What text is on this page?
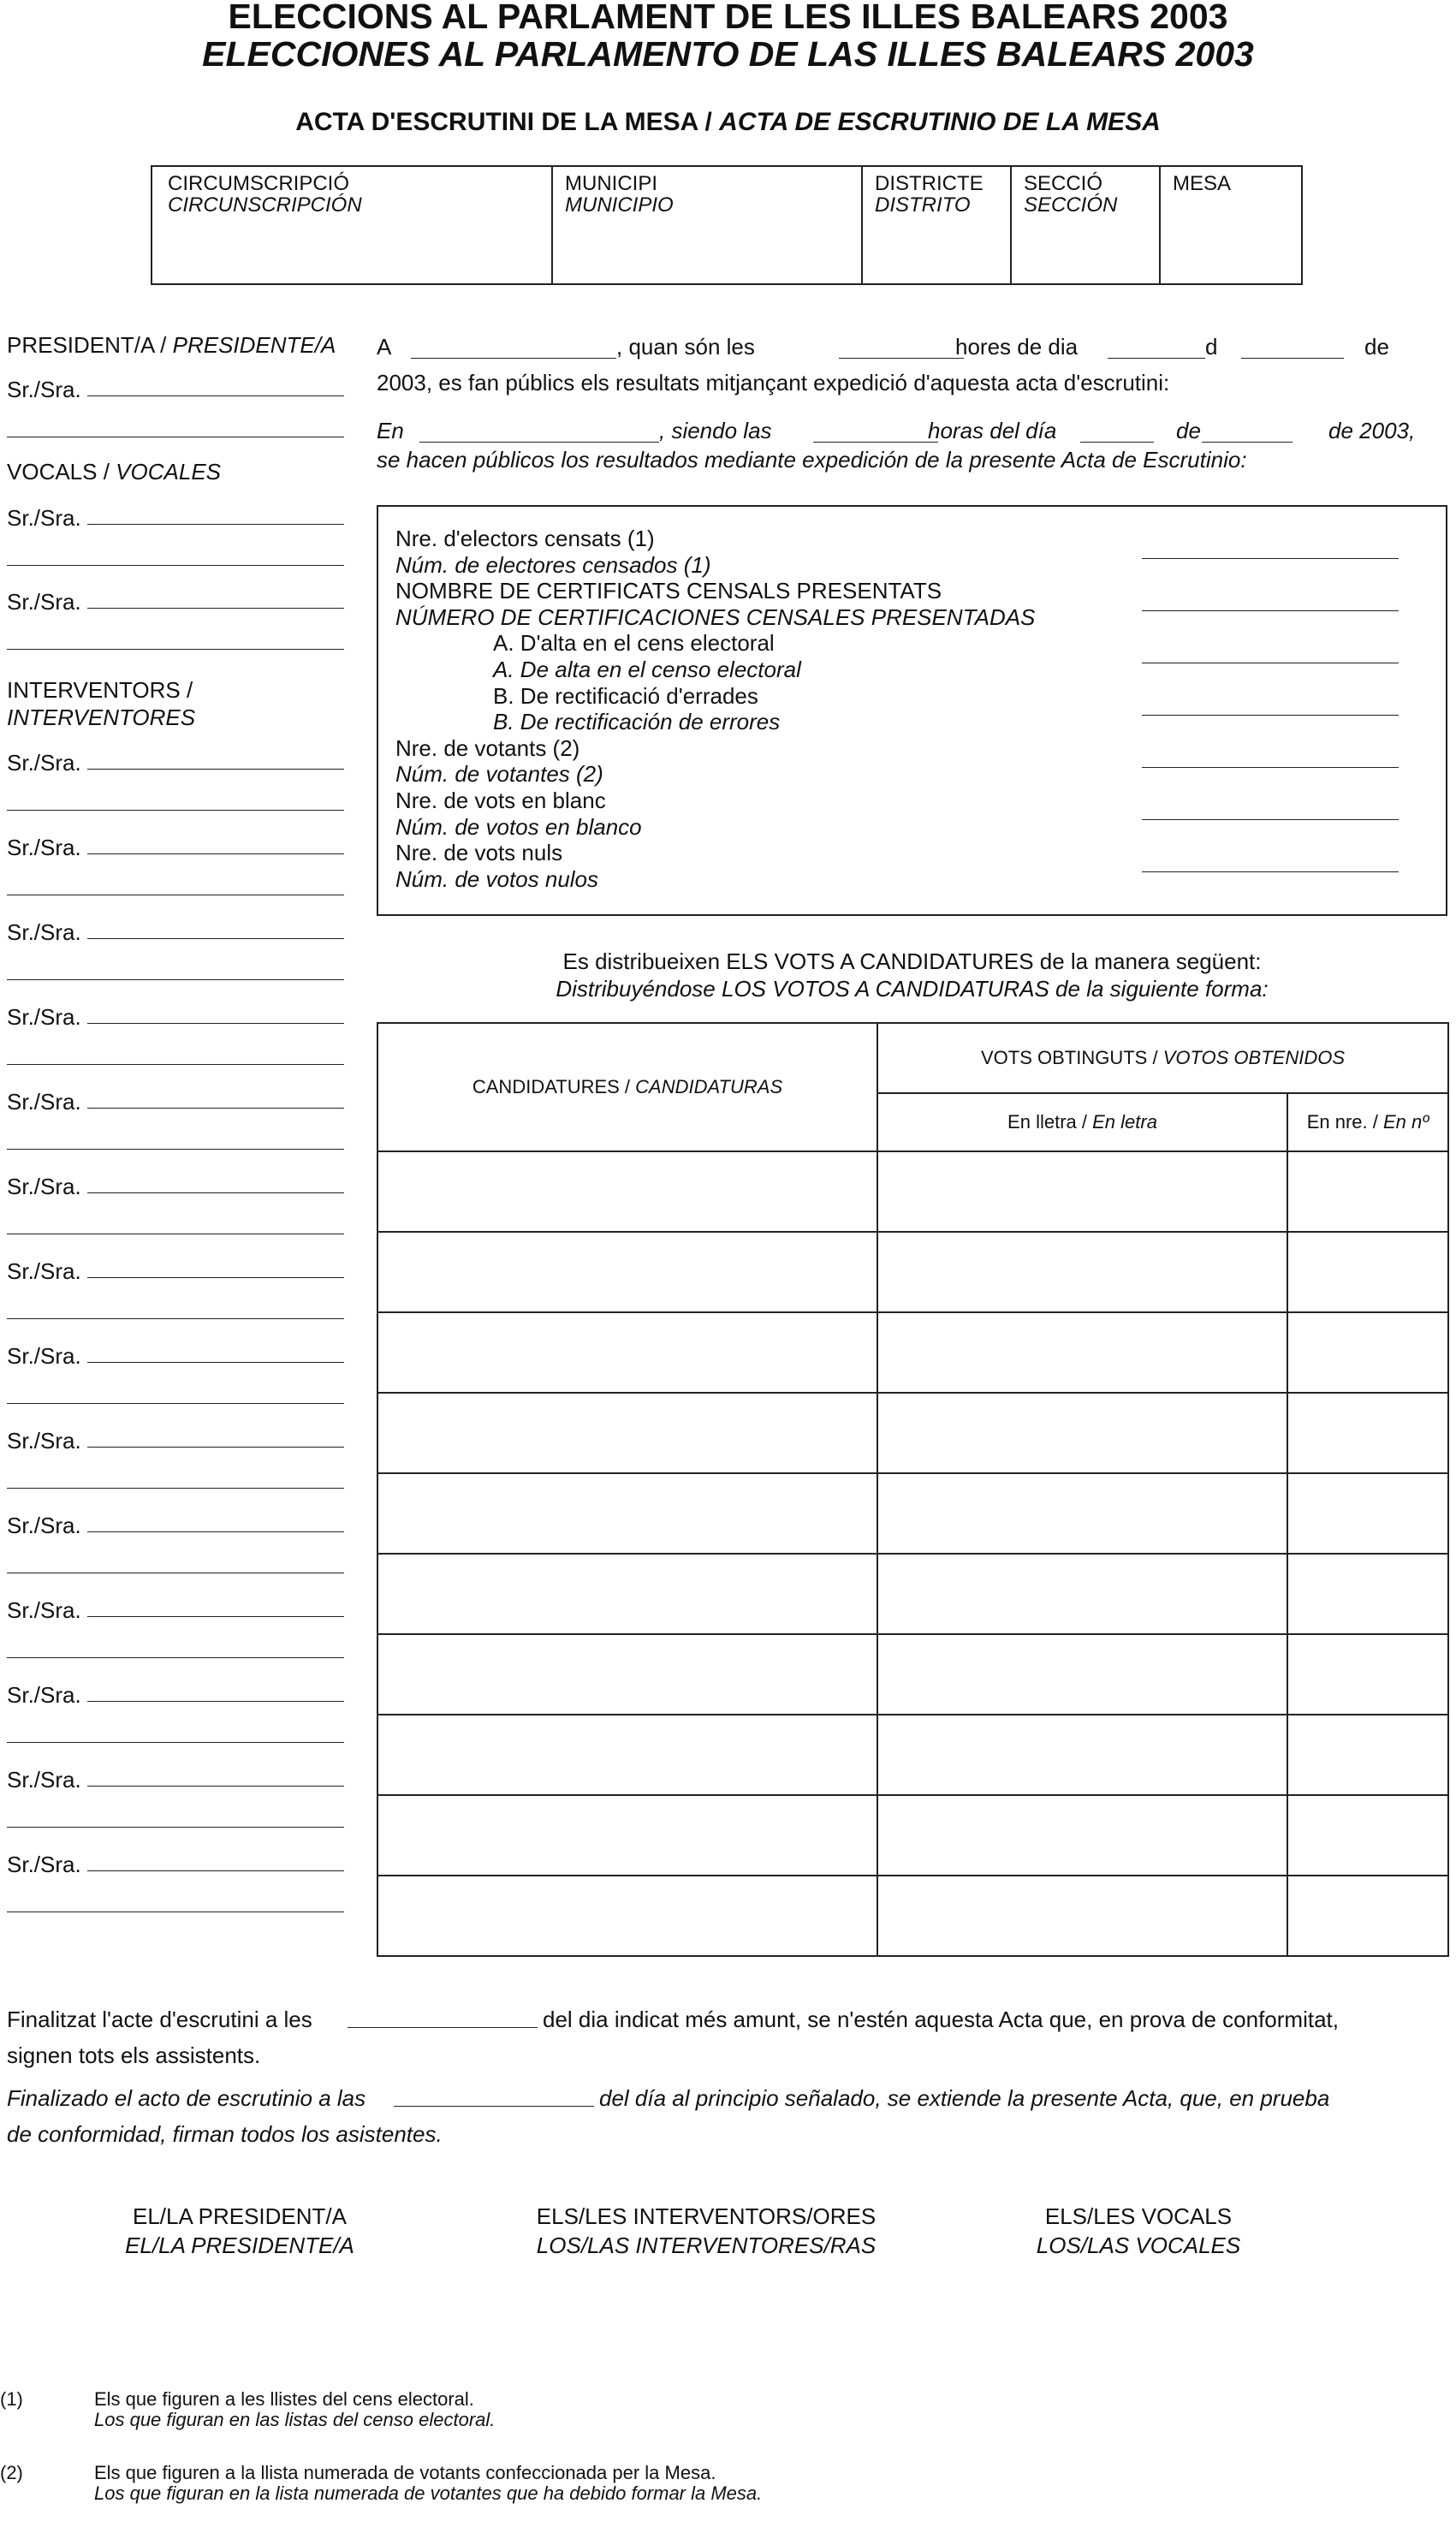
ELECCIONS AL PARLAMENT DE LES ILLES BALEARS 2003
ELECCIONES AL PARLAMENTO DE LAS ILLES BALEARS 2003
ACTA D'ESCRUTINI DE LA MESA / ACTA DE ESCRUTINIO DE LA MESA
CIRCUMSCRIPCIÓ
CIRCUNSCRIPCIÓN
MUNICIPI
MUNICIPIO
DISTRICTE
DISTRITO
SECCIÓ
SECCIÓN
MESA
PRESIDENT/A / PRESIDENTE/A
Sr./Sra.
VOCALS / VOCALES
Sr./Sra.
Sr./Sra.
INTERVENTORS /
INTERVENTORES
Sr./Sra.
Sr./Sra.
Sr./Sra.
Sr./Sra.
Sr./Sra.
Sr./Sra.
Sr./Sra.
Sr./Sra.
Sr./Sra.
Sr./Sra.
Sr./Sra.
Sr./Sra.
Sr./Sra.
Sr./Sra.
A	, quan són les	hores de dia	d	de
2003, es fan públics els resultats mitjançant expedició d'aquesta acta d'escrutini:
En	, siendo las	horas del día	de	de 2003,
se hacen públicos los resultados mediante expedición de la presente Acta de Escrutinio:
Nre. d'electors censats (1)
Núm. de electores censados (1)
NOMBRE DE CERTIFICATS CENSALS PRESENTATS
NÚMERO DE CERTIFICACIONES CENSALES PRESENTADAS
A. D'alta en el cens electoral
A. De alta en el censo electoral
B. De rectificació d'errades
B. De rectificación de errores
Nre. de votants (2)
Núm. de votantes (2)
Nre. de vots en blanc
Núm. de votos en blanco
Nre. de vots nuls
Núm. de votos nulos
Es distribueixen ELS VOTS A CANDIDATURES de la manera següent:
Distribuyéndose LOS VOTOS A CANDIDATURAS de la siguiente forma:
CANDIDATURES / CANDIDATURAS	VOTS OBTINGUTS / VOTOS OBTENIDOS	
	En lletra / En letra	En nre. / En nº

Finalitzat l'acte d'escrutini a les	del dia indicat més amunt, se n'estén aquesta Acta que, en prova de conformitat,
signen tots els assistents.
Finalizado el acto de escrutinio a las	del día al principio señalado, se extiende la presente Acta, que, en prueba
de conformidad, firman todos los asistentes.
EL/LA PRESIDENT/A
EL/LA PRESIDENTE/A
ELS/LES INTERVENTORS/ORES
LOS/LAS INTERVENTORES/RAS
ELS/LES VOCALS
LOS/LAS VOCALES
(1)	Els que figuren a les llistes del cens electoral.
Los que figuran en las listas del censo electoral.
(2)	Els que figuren a la llista numerada de votants confeccionada per la Mesa.
Los que figuran en la lista numerada de votantes que ha debido formar la Mesa.
